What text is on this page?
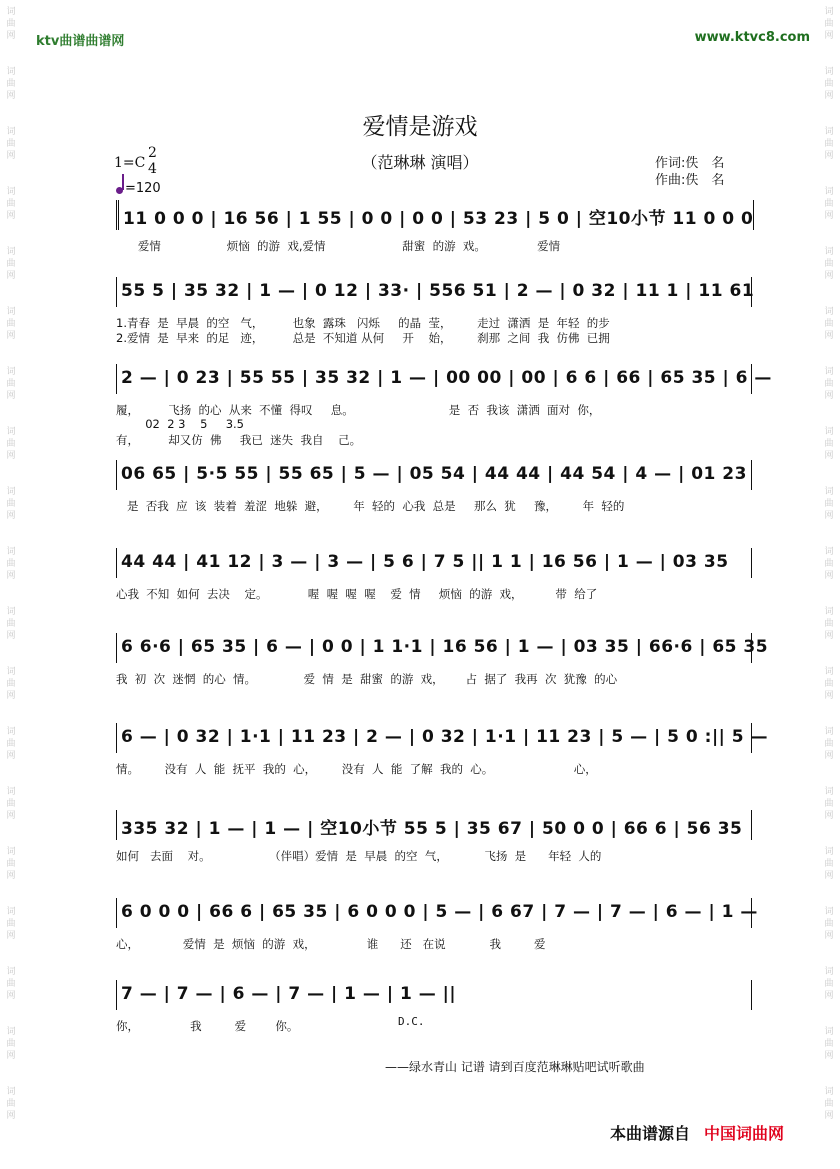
词
曲
网
词
曲
网
词
曲
网
词
曲
网
词
曲
网
词
曲
网
词
曲
网
词
曲
网
词
曲
网
词
曲
网
词
曲
网
词
曲
网
词
曲
网
词
曲
网
词
曲
网
词
曲
网
词
曲
网
词
曲
网
词
曲
网
词
曲
网
词
曲
网
词
曲
网
词
曲
网
词
曲
网
词
曲
网
词
曲
网
词
曲
网
词
曲
网
词
曲
网
词
曲
网
词
曲
网
词
曲
网
词
曲
网
词
曲
网
词
曲
网
词
曲
网
词
曲
网
词
曲
网
ktv曲谱曲谱网	www.ktvc8.com
爱情是游戏
（范琳琳 演唱）
1=C
2
4
=120
作词:佚　名
作曲:佚　名
11 0 0 0 | 16 56 | 1 55 | 0 0 | 0 0 | 53 23 | 5 0 | 空10小节 11 0 0 0
爱情                  烦恼  的游  戏,爱情                     甜蜜  的游  戏。              爱情
55 5 | 35 32 | 1 — | 0 12 | 33· | 556 51 | 2 — | 0 32 | 11 1 | 11 61
1.青春  是  早晨  的空   气，        也象  露珠   闪烁     的晶  莹，       走过  潇洒  是  年轻  的步
2.爱情  是  早来  的足   迹，        总是  不知道 从何     开    始，       刹那  之间  我  仿佛  已拥
2 — | 0 23 | 55 55 | 35 32 | 1 — | 00 00 | 00 | 6 6 | 66 | 65 35 | 6 —
履，        飞扬  的心  从来  不懂  得叹     息。                          是  否  我该  潇洒  面对  你，
02  2 3    5     3.5
有，        却又仿  佛     我已  迷失  我自    己。
06 65 | 5·5 55 | 55 65 | 5 — | 05 54 | 44 44 | 44 54 | 4 — | 01 23
是  否我  应  该  装着  羞涩  地躲  避，       年  轻的  心我  总是     那么  犹     豫，       年  轻的
44 44 | 41 12 | 3 — | 3 — | 5 6 | 7 5 || 1 1 | 16 56 | 1 — | 03 35
心我  不知  如何  去决    定。           喔  喔  喔  喔    爱  情     烦恼  的游  戏，         带  给了
6 6·6 | 65 35 | 6 — | 0 0 | 1 1·1 | 16 56 | 1 — | 03 35 | 66·6 | 65 35
我  初  次  迷惘  的心  情。             爱  情  是  甜蜜  的游  戏，      占  据了  我再  次  犹豫  的心
6 — | 0 32 | 1·1 | 11 23 | 2 — | 0 32 | 1·1 | 11 23 | 5 — | 5 0 :|| 5 —
情。       没有  人  能  抚平  我的  心，       没有  人  能  了解  我的  心。                      心，
335 32 | 1 — | 1 — | 空10小节 55 5 | 35 67 | 50 0 0 | 66 6 | 56 35
如何   去面    对。                （伴唱）爱情  是  早晨  的空  气，          飞扬  是      年轻  人的
6 0 0 0 | 66 6 | 65 35 | 6 0 0 0 | 5 — | 6 67 | 7 — | 7 — | 6 — | 1 —
心，            爱情  是  烦恼  的游  戏，              谁      还   在说            我         爱
7 — | 7 — | 6 — | 7 — | 1 — | 1 — ||
你，              我         爱        你。	D.C.
——绿水青山 记谱 请到百度范琳琳贴吧试听歌曲
本曲谱源自 中国词曲网
